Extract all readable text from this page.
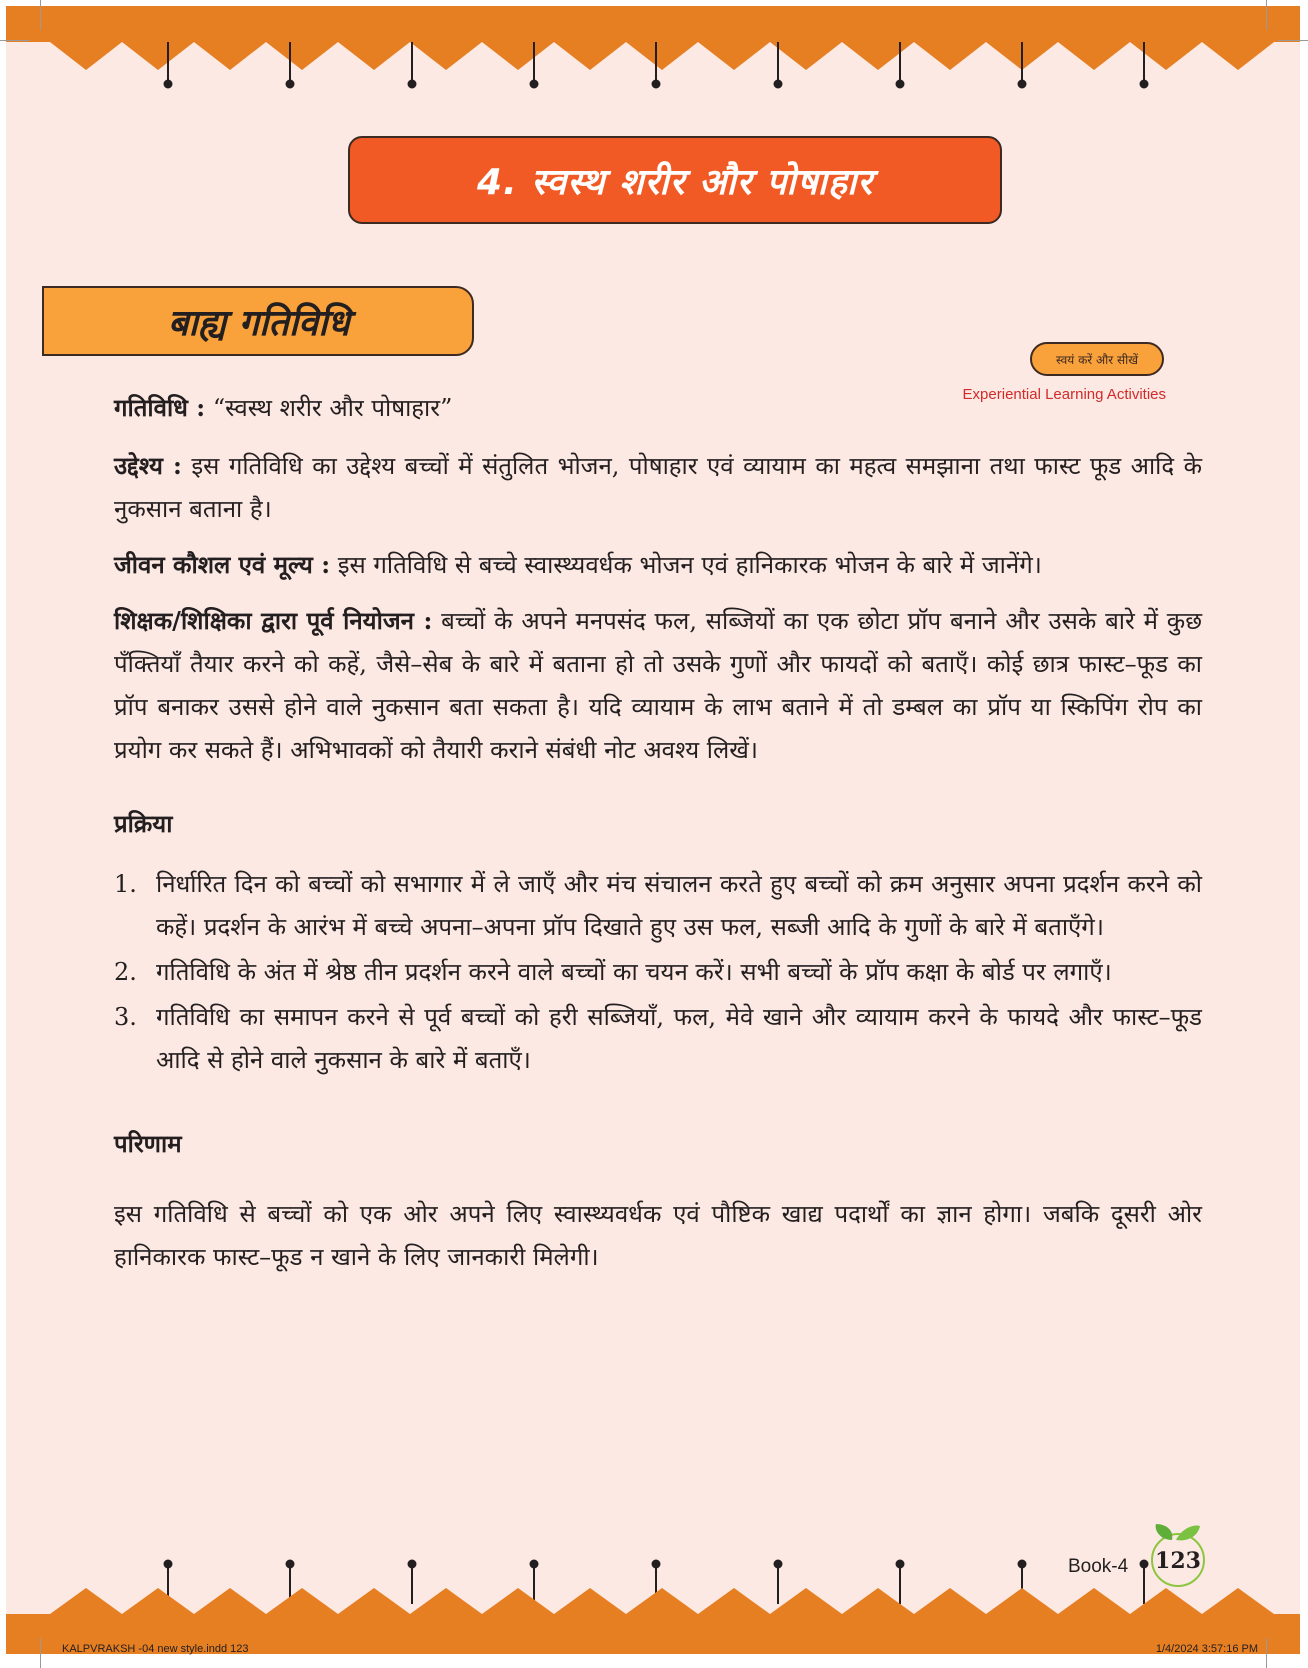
4. स्वस्थ शरीर और पोषाहार
बाह्य गतिविधि
स्वयं करें और सीखें
Experiential Learning Activities

गतिविधि : “स्वस्थ शरीर और पोषाहार”

उद्देश्य : इस गतिविधि का उद्देश्य बच्चों में संतुलित भोजन, पोषाहार एवं व्यायाम का महत्व समझाना तथा फास्ट फूड आदि के नुकसान बताना है।

जीवन कौशल एवं मूल्य : इस गतिविधि से बच्चे स्वास्थ्यवर्धक भोजन एवं हानिकारक भोजन के बारे में जानेंगे।

शिक्षक/शिक्षिका द्वारा पूर्व नियोजन : बच्चों के अपने मनपसंद फल, सब्जियों का एक छोटा प्रॉप बनाने और उसके बारे में कुछ पँक्तियाँ तैयार करने को कहें, जैसे–सेब के बारे में बताना हो तो उसके गुणों और फायदों को बताएँ। कोई छात्र फास्ट–फूड का प्रॉप बनाकर उससे होने वाले नुकसान बता सकता है। यदि व्यायाम के लाभ बताने में तो डम्बल का प्रॉप या स्किपिंग रोप का प्रयोग कर सकते हैं। अभिभावकों को तैयारी कराने संबंधी नोट अवश्य लिखें।

प्रक्रिया
1. निर्धारित दिन को बच्चों को सभागार में ले जाएँ और मंच संचालन करते हुए बच्चों को क्रम अनुसार अपना प्रदर्शन करने को कहें। प्रदर्शन के आरंभ में बच्चे अपना–अपना प्रॉप दिखाते हुए उस फल, सब्जी आदि के गुणों के बारे में बताएँगे।
2. गतिविधि के अंत में श्रेष्ठ तीन प्रदर्शन करने वाले बच्चों का चयन करें। सभी बच्चों के प्रॉप कक्षा के बोर्ड पर लगाएँ।
3. गतिविधि का समापन करने से पूर्व बच्चों को हरी सब्जियाँ, फल, मेवे खाने और व्यायाम करने के फायदे और फास्ट–फूड आदि से होने वाले नुकसान के बारे में बताएँ।
परिणाम

इस गतिविधि से बच्चों को एक ओर अपने लिए स्वास्थ्यवर्धक एवं पौष्टिक खाद्य पदार्थों का ज्ञान होगा। जबकि दूसरी ओर हानिकारक फास्ट–फूड न खाने के लिए जानकारी मिलेगी।

Book-4 123
KALPVRAKSH -04 new style.indd 123	1/4/2024 3:57:16 PM
